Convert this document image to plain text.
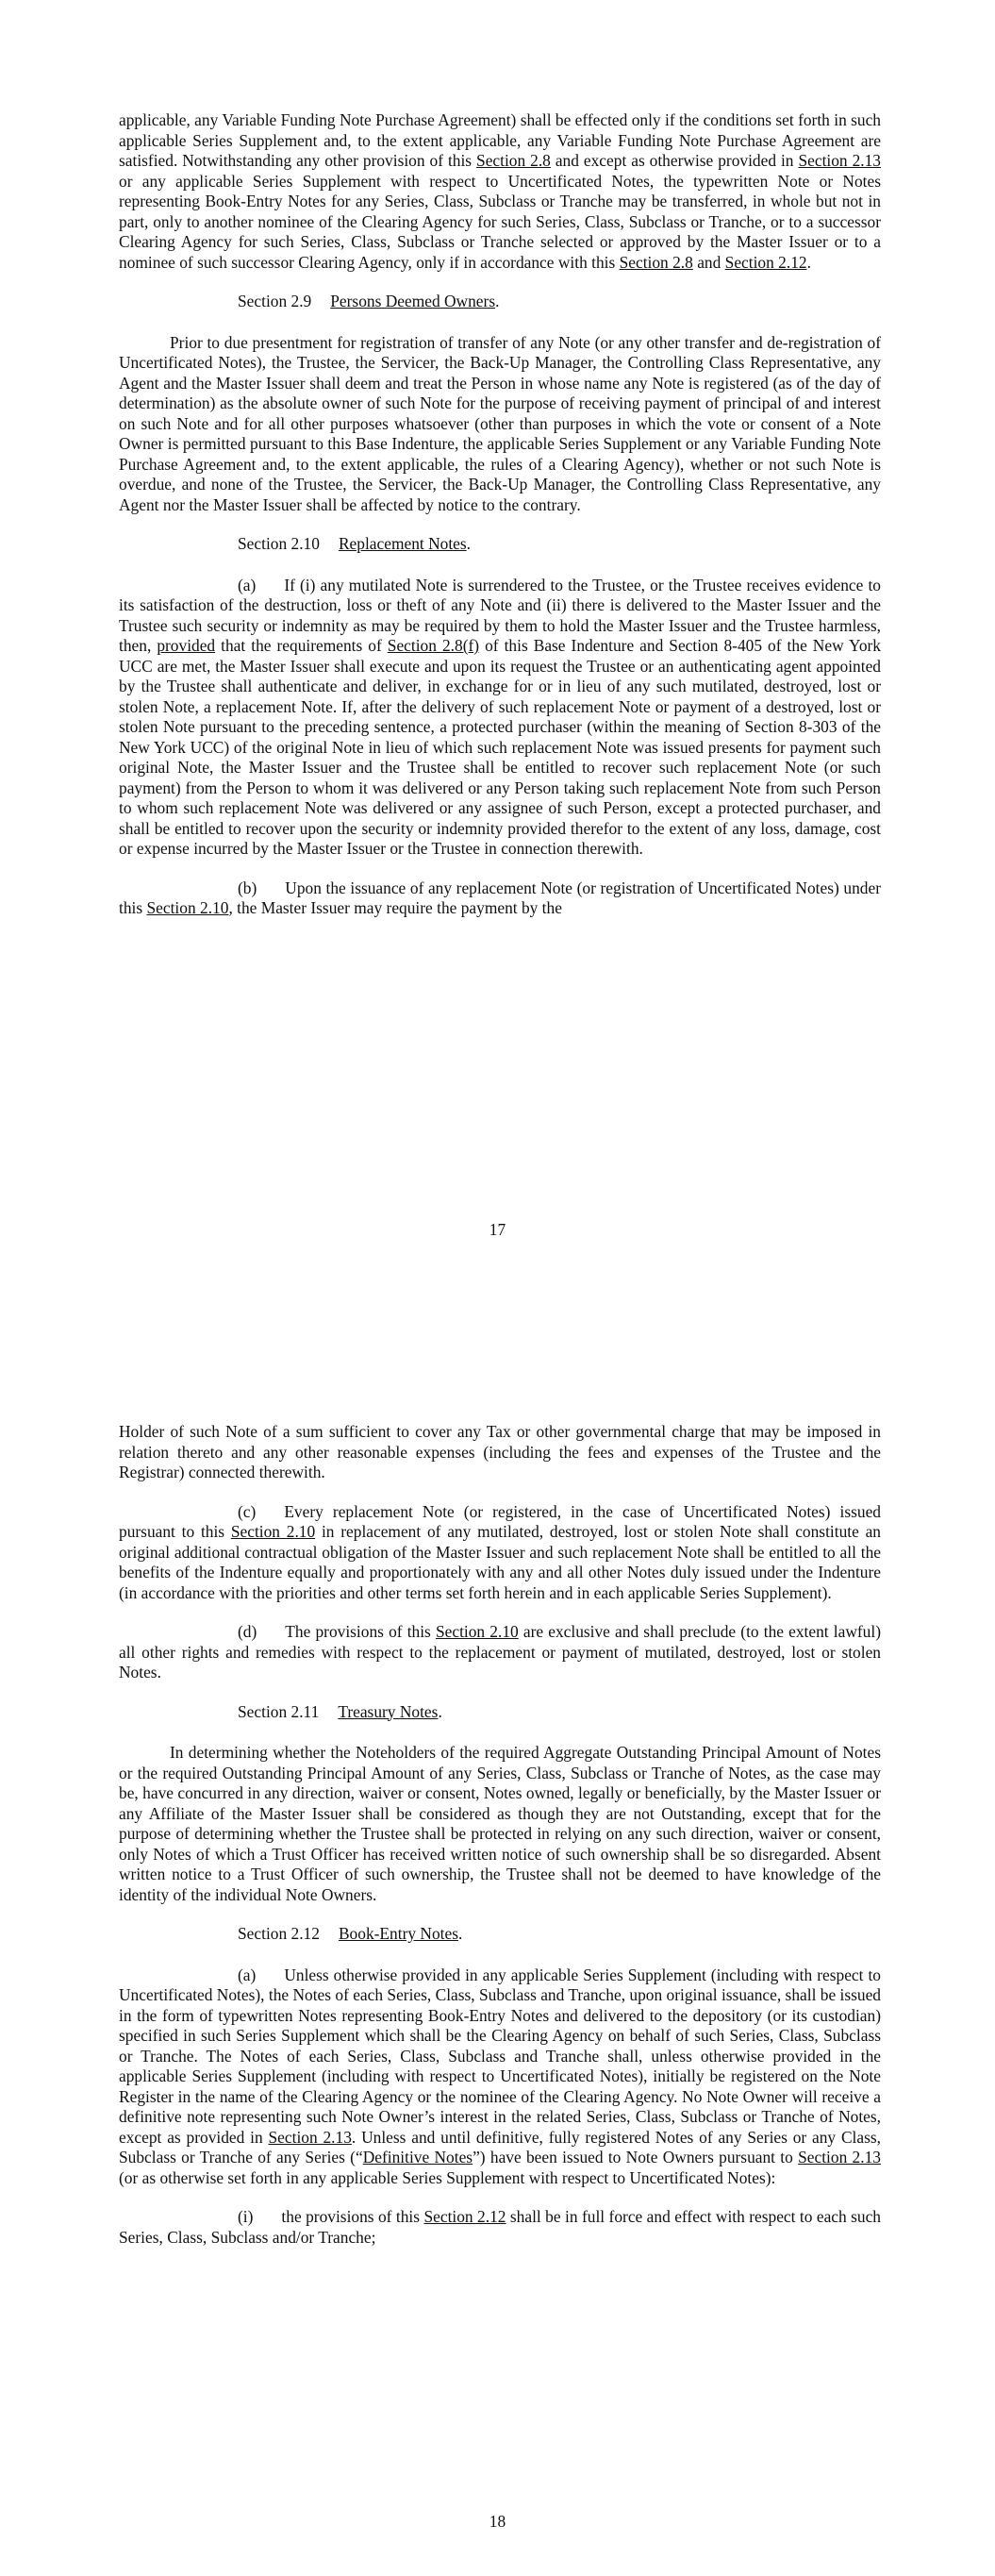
applicable, any Variable Funding Note Purchase Agreement) shall be effected only if the conditions set forth in such applicable Series Supplement and, to the extent applicable, any Variable Funding Note Purchase Agreement are satisfied. Notwithstanding any other provision of this Section 2.8 and except as otherwise provided in Section 2.13 or any applicable Series Supplement with respect to Uncertificated Notes, the typewritten Note or Notes representing Book-Entry Notes for any Series, Class, Subclass or Tranche may be transferred, in whole but not in part, only to another nominee of the Clearing Agency for such Series, Class, Subclass or Tranche, or to a successor Clearing Agency for such Series, Class, Subclass or Tranche selected or approved by the Master Issuer or to a nominee of such successor Clearing Agency, only if in accordance with this Section 2.8 and Section 2.12.

Section 2.9 Persons Deemed Owners.

Prior to due presentment for registration of transfer of any Note (or any other transfer and de-registration of Uncertificated Notes), the Trustee, the Servicer, the Back-Up Manager, the Controlling Class Representative, any Agent and the Master Issuer shall deem and treat the Person in whose name any Note is registered (as of the day of determination) as the absolute owner of such Note for the purpose of receiving payment of principal of and interest on such Note and for all other purposes whatsoever (other than purposes in which the vote or consent of a Note Owner is permitted pursuant to this Base Indenture, the applicable Series Supplement or any Variable Funding Note Purchase Agreement and, to the extent applicable, the rules of a Clearing Agency), whether or not such Note is overdue, and none of the Trustee, the Servicer, the Back-Up Manager, the Controlling Class Representative, any Agent nor the Master Issuer shall be affected by notice to the contrary.

Section 2.10 Replacement Notes.

(a) If (i) any mutilated Note is surrendered to the Trustee, or the Trustee receives evidence to its satisfaction of the destruction, loss or theft of any Note and (ii) there is delivered to the Master Issuer and the Trustee such security or indemnity as may be required by them to hold the Master Issuer and the Trustee harmless, then, provided that the requirements of Section 2.8(f) of this Base Indenture and Section 8-405 of the New York UCC are met, the Master Issuer shall execute and upon its request the Trustee or an authenticating agent appointed by the Trustee shall authenticate and deliver, in exchange for or in lieu of any such mutilated, destroyed, lost or stolen Note, a replacement Note. If, after the delivery of such replacement Note or payment of a destroyed, lost or stolen Note pursuant to the preceding sentence, a protected purchaser (within the meaning of Section 8-303 of the New York UCC) of the original Note in lieu of which such replacement Note was issued presents for payment such original Note, the Master Issuer and the Trustee shall be entitled to recover such replacement Note (or such payment) from the Person to whom it was delivered or any Person taking such replacement Note from such Person to whom such replacement Note was delivered or any assignee of such Person, except a protected purchaser, and shall be entitled to recover upon the security or indemnity provided therefor to the extent of any loss, damage, cost or expense incurred by the Master Issuer or the Trustee in connection therewith.

(b) Upon the issuance of any replacement Note (or registration of Uncertificated Notes) under this Section 2.10, the Master Issuer may require the payment by the

17

Holder of such Note of a sum sufficient to cover any Tax or other governmental charge that may be imposed in relation thereto and any other reasonable expenses (including the fees and expenses of the Trustee and the Registrar) connected therewith.

(c) Every replacement Note (or registered, in the case of Uncertificated Notes) issued pursuant to this Section 2.10 in replacement of any mutilated, destroyed, lost or stolen Note shall constitute an original additional contractual obligation of the Master Issuer and such replacement Note shall be entitled to all the benefits of the Indenture equally and proportionately with any and all other Notes duly issued under the Indenture (in accordance with the priorities and other terms set forth herein and in each applicable Series Supplement).

(d) The provisions of this Section 2.10 are exclusive and shall preclude (to the extent lawful) all other rights and remedies with respect to the replacement or payment of mutilated, destroyed, lost or stolen Notes.

Section 2.11 Treasury Notes.

In determining whether the Noteholders of the required Aggregate Outstanding Principal Amount of Notes or the required Outstanding Principal Amount of any Series, Class, Subclass or Tranche of Notes, as the case may be, have concurred in any direction, waiver or consent, Notes owned, legally or beneficially, by the Master Issuer or any Affiliate of the Master Issuer shall be considered as though they are not Outstanding, except that for the purpose of determining whether the Trustee shall be protected in relying on any such direction, waiver or consent, only Notes of which a Trust Officer has received written notice of such ownership shall be so disregarded. Absent written notice to a Trust Officer of such ownership, the Trustee shall not be deemed to have knowledge of the identity of the individual Note Owners.

Section 2.12 Book-Entry Notes.

(a) Unless otherwise provided in any applicable Series Supplement (including with respect to Uncertificated Notes), the Notes of each Series, Class, Subclass and Tranche, upon original issuance, shall be issued in the form of typewritten Notes representing Book-Entry Notes and delivered to the depository (or its custodian) specified in such Series Supplement which shall be the Clearing Agency on behalf of such Series, Class, Subclass or Tranche. The Notes of each Series, Class, Subclass and Tranche shall, unless otherwise provided in the applicable Series Supplement (including with respect to Uncertificated Notes), initially be registered on the Note Register in the name of the Clearing Agency or the nominee of the Clearing Agency. No Note Owner will receive a definitive note representing such Note Owner’s interest in the related Series, Class, Subclass or Tranche of Notes, except as provided in Section 2.13. Unless and until definitive, fully registered Notes of any Series or any Class, Subclass or Tranche of any Series (“Definitive Notes”) have been issued to Note Owners pursuant to Section 2.13 (or as otherwise set forth in any applicable Series Supplement with respect to Uncertificated Notes):

(i) the provisions of this Section 2.12 shall be in full force and effect with respect to each such Series, Class, Subclass and/or Tranche;

18
